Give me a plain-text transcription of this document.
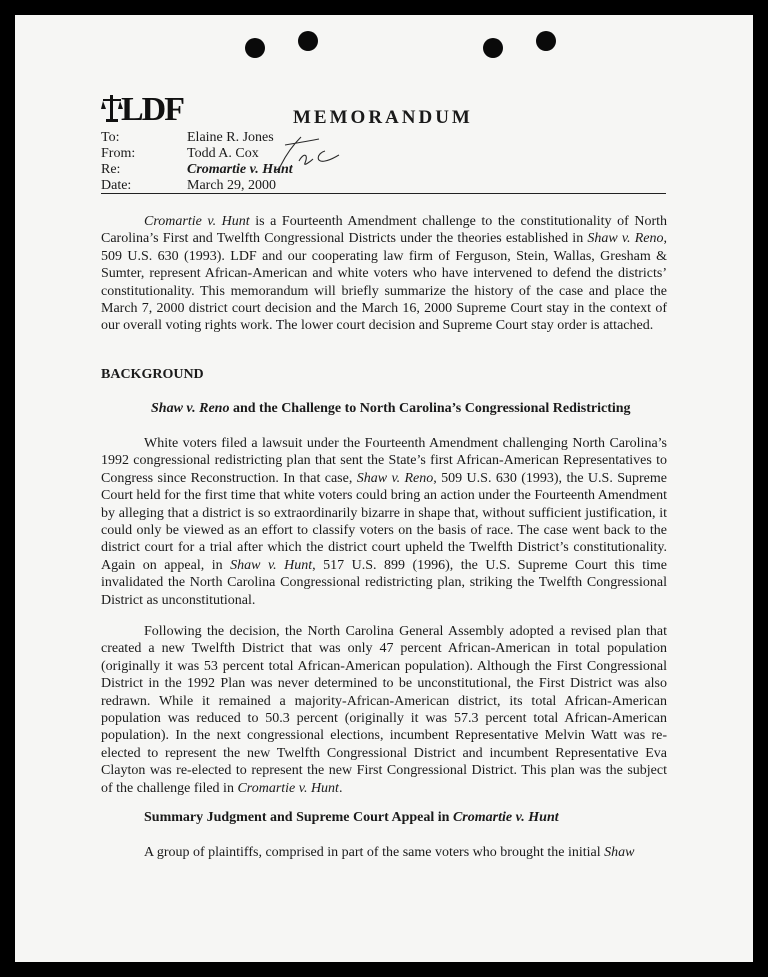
LDF	MEMORANDUM
To:	Elaine R. Jones
From:	Todd A. Cox
Re:	Cromartie v. Hunt
Date:	March 29, 2000

Cromartie v. Hunt is a Fourteenth Amendment challenge to the constitutionality of North Carolina’s First and Twelfth Congressional Districts under the theories established in Shaw v. Reno, 509 U.S. 630 (1993). LDF and our cooperating law firm of Ferguson, Stein, Wallas, Gresham & Sumter, represent African-American and white voters who have intervened to defend the districts’ constitutionality. This memorandum will briefly summarize the history of the case and place the March 7, 2000 district court decision and the March 16, 2000 Supreme Court stay in the context of our overall voting rights work. The lower court decision and Supreme Court stay order is attached.

BACKGROUND
Shaw v. Reno and the Challenge to North Carolina’s Congressional Redistricting

White voters filed a lawsuit under the Fourteenth Amendment challenging North Carolina’s 1992 congressional redistricting plan that sent the State’s first African-American Representatives to Congress since Reconstruction. In that case, Shaw v. Reno, 509 U.S. 630 (1993), the U.S. Supreme Court held for the first time that white voters could bring an action under the Fourteenth Amendment by alleging that a district is so extraordinarily bizarre in shape that, without sufficient justification, it could only be viewed as an effort to classify voters on the basis of race. The case went back to the district court for a trial after which the district court upheld the Twelfth District’s constitutionality. Again on appeal, in Shaw v. Hunt, 517 U.S. 899 (1996), the U.S. Supreme Court this time invalidated the North Carolina Congressional redistricting plan, striking the Twelfth Congressional District as unconstitutional.

Following the decision, the North Carolina General Assembly adopted a revised plan that created a new Twelfth District that was only 47 percent African-American in total population (originally it was 53 percent total African-American population). Although the First Congressional District in the 1992 Plan was never determined to be unconstitutional, the First District was also redrawn. While it remained a majority-African-American district, its total African-American population was reduced to 50.3 percent (originally it was 57.3 percent total African-American population). In the next congressional elections, incumbent Representative Melvin Watt was re-elected to represent the new Twelfth Congressional District and incumbent Representative Eva Clayton was re-elected to represent the new First Congressional District. This plan was the subject of the challenge filed in Cromartie v. Hunt.

Summary Judgment and Supreme Court Appeal in Cromartie v. Hunt

A group of plaintiffs, comprised in part of the same voters who brought the initial Shaw
